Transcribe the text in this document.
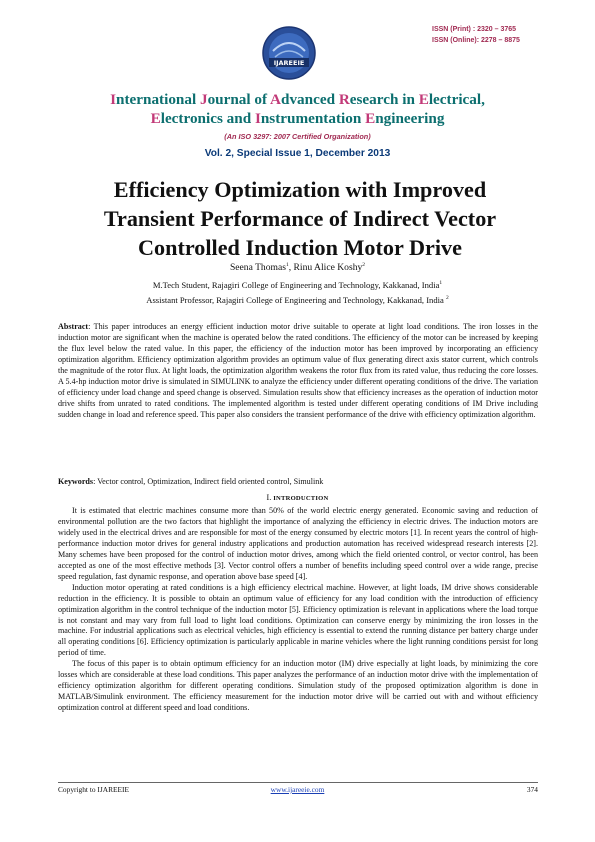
ISSN (Print) : 2320 – 3765
ISSN (Online): 2278 – 8875
IJAREEIE
International Journal of Advanced Research in Electrical,
Electronics and Instrumentation Engineering
(An ISO 3297: 2007 Certified Organization)
Vol. 2, Special Issue 1, December 2013
Efficiency Optimization with Improved
Transient Performance of Indirect Vector
Controlled Induction Motor Drive
Seena Thomas$^1$, Rinu Alice Koshy$^2$
M.Tech Student, Rajagiri College of Engineering and Technology, Kakkanad, India$^1$
Assistant Professor, Rajagiri College of Engineering and Technology, Kakkanad, India $^2$
Abstract: This paper introduces an energy efficient induction motor drive suitable to operate at light load conditions. The iron losses in the induction motor are significant when the machine is operated below the rated conditions. The efficiency of the motor can be increased by keeping the flux level below the rated value. In this paper, the efficiency of the induction motor has been improved by incorporating an efficiency optimization algorithm. Efficiency optimization algorithm provides an optimum value of flux generating direct axis stator current, which controls the magnitude of the rotor flux. At light loads, the optimization algorithm weakens the rotor flux from its rated value, thus reducing the core losses. A 5.4-hp induction motor drive is simulated in SIMULINK to analyze the efficiency under different operating conditions of the drive. The variation of efficiency under load change and speed change is observed. Simulation results show that efficiency increases as the operation of induction motor drive shifts from unrated to rated conditions. The implemented algorithm is tested under different operating conditions of IM Drive including sudden change in load and reference speed. This paper also considers the transient performance of the drive with efficiency optimization algorithm.
Keywords: Vector control, Optimization, Indirect field oriented control, Simulink
I. INTRODUCTION

It is estimated that electric machines consume more than 50% of the world electric energy generated. Economic saving and reduction of environmental pollution are the two factors that highlight the importance of analyzing the efficiency in electric drives. The induction motors are widely used in the electrical drives and are responsible for most of the energy consumed by electric motors [1]. In recent years the control of high-performance induction motor drives for general industry applications and production automation has received widespread research interests [2]. Many schemes have been proposed for the control of induction motor drives, among which the field oriented control, or vector control, has been accepted as one of the most effective methods [3]. Vector control offers a number of benefits including speed control over a wide range, precise speed regulation, fast dynamic response, and operation above base speed [4].

Induction motor operating at rated conditions is a high efficiency electrical machine. However, at light loads, IM drive shows considerable reduction in the efficiency. It is possible to obtain an optimum value of efficiency for any load condition with the introduction of efficiency optimization algorithm in the control technique of the induction motor [5]. Efficiency optimization is relevant in applications where the load torque is not constant and may vary from full load to light load conditions. Optimization can conserve energy by minimizing the iron losses in the machine. For industrial applications such as electrical vehicles, high efficiency is essential to extend the running distance per battery charge under all operating conditions [6]. Efficiency optimization is particularly applicable in marine vehicles where the light running conditions persist for long period of time.

The focus of this paper is to obtain optimum efficiency for an induction motor (IM) drive especially at light loads, by minimizing the core losses which are considerable at these load conditions. This paper analyzes the performance of an induction motor drive with the implementation of efficiency optimization algorithm for different operating conditions. Simulation study of the proposed optimization algorithm is done in MATLAB/Simulink environment. The efficiency measurement for the induction motor drive will be carried out with and without efficiency optimization control at different speed and load conditions.

Copyright to IJAREEIE	www.ijareeie.com	374
